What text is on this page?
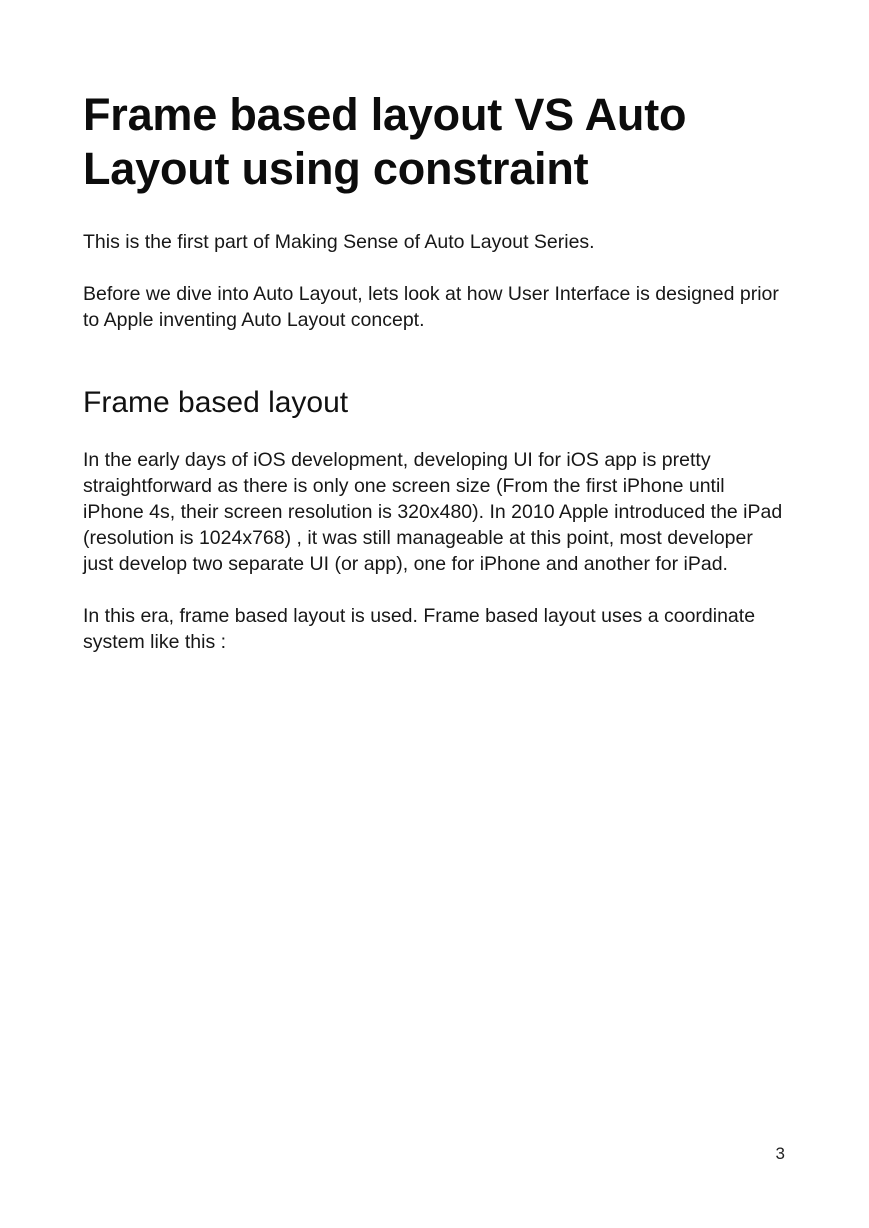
Frame based layout VS Auto Layout using constraint

This is the first part of Making Sense of Auto Layout Series.

Before we dive into Auto Layout, lets look at how User Interface is designed prior to Apple inventing Auto Layout concept.

Frame based layout

In the early days of iOS development, developing UI for iOS app is pretty straightforward as there is only one screen size (From the first iPhone until iPhone 4s, their screen resolution is 320x480). In 2010 Apple introduced the iPad (resolution is 1024x768) , it was still manageable at this point, most developer just develop two separate UI (or app), one for iPhone and another for iPad.

In this era, frame based layout is used. Frame based layout uses a coordinate system like this :

3
